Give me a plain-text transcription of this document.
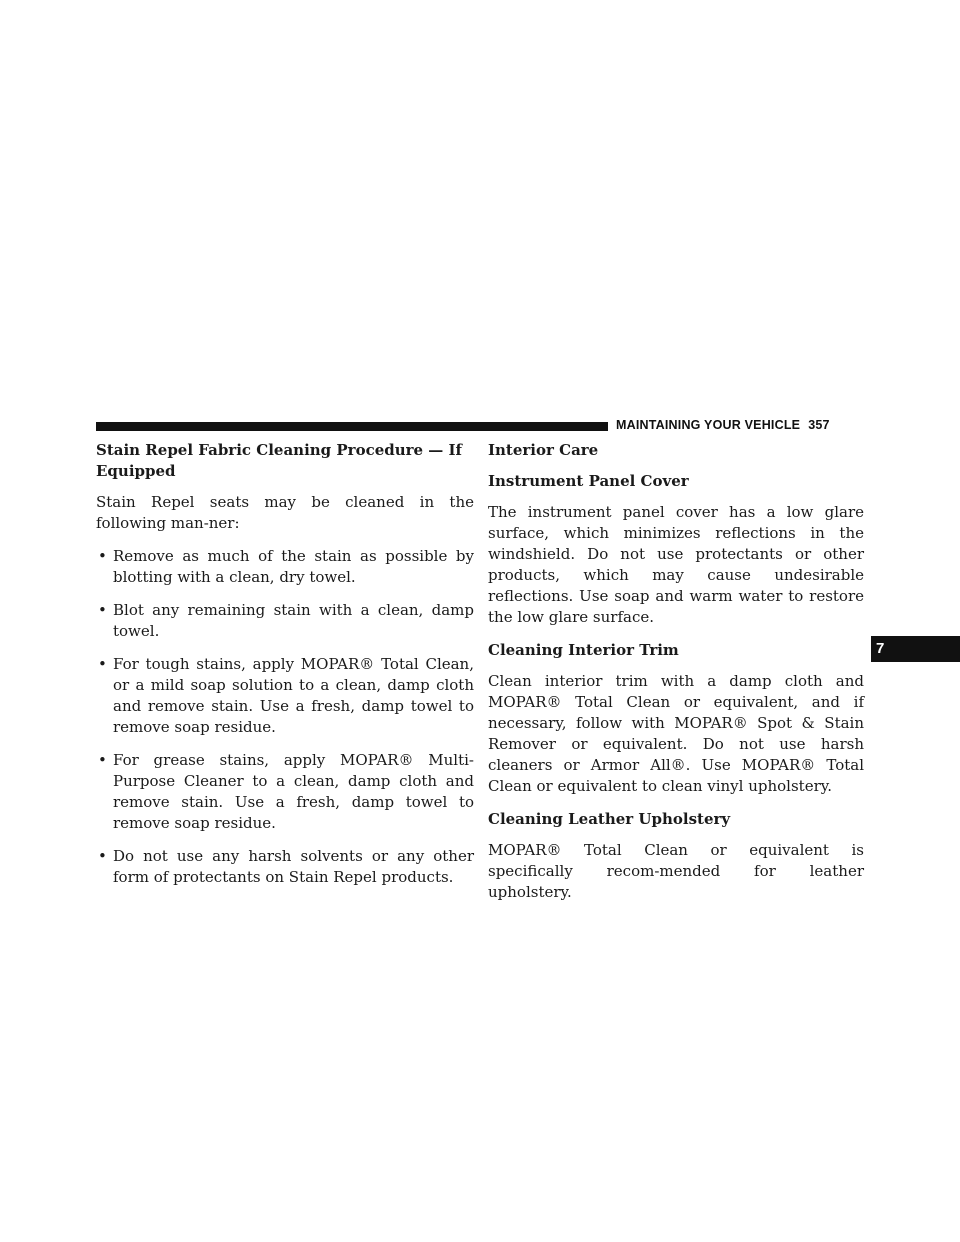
MAINTAINING YOUR VEHICLE 357
Stain Repel Fabric Cleaning Procedure — If Equipped

Stain Repel seats may be cleaned in the following man-ner:

• Remove as much of the stain as possible by blotting with a clean, dry towel.
• Blot any remaining stain with a clean, damp towel.
• For tough stains, apply MOPAR® Total Clean, or a mild soap solution to a clean, damp cloth and remove stain. Use a fresh, damp towel to remove soap residue.
• For grease stains, apply MOPAR® Multi-Purpose Cleaner to a clean, damp cloth and remove stain. Use a fresh, damp towel to remove soap residue.
• Do not use any harsh solvents or any other form of protectants on Stain Repel products.
Interior Care
Instrument Panel Cover

The instrument panel cover has a low glare surface, which minimizes reflections in the windshield. Do not use protectants or other products, which may cause undesirable reflections. Use soap and warm water to restore the low glare surface.

Cleaning Interior Trim

Clean interior trim with a damp cloth and MOPAR® Total Clean or equivalent, and if necessary, follow with MOPAR® Spot & Stain Remover or equivalent. Do not use harsh cleaners or Armor All®. Use MOPAR® Total Clean or equivalent to clean vinyl upholstery.

Cleaning Leather Upholstery

MOPAR® Total Clean or equivalent is specifically recom-mended for leather upholstery.

7
